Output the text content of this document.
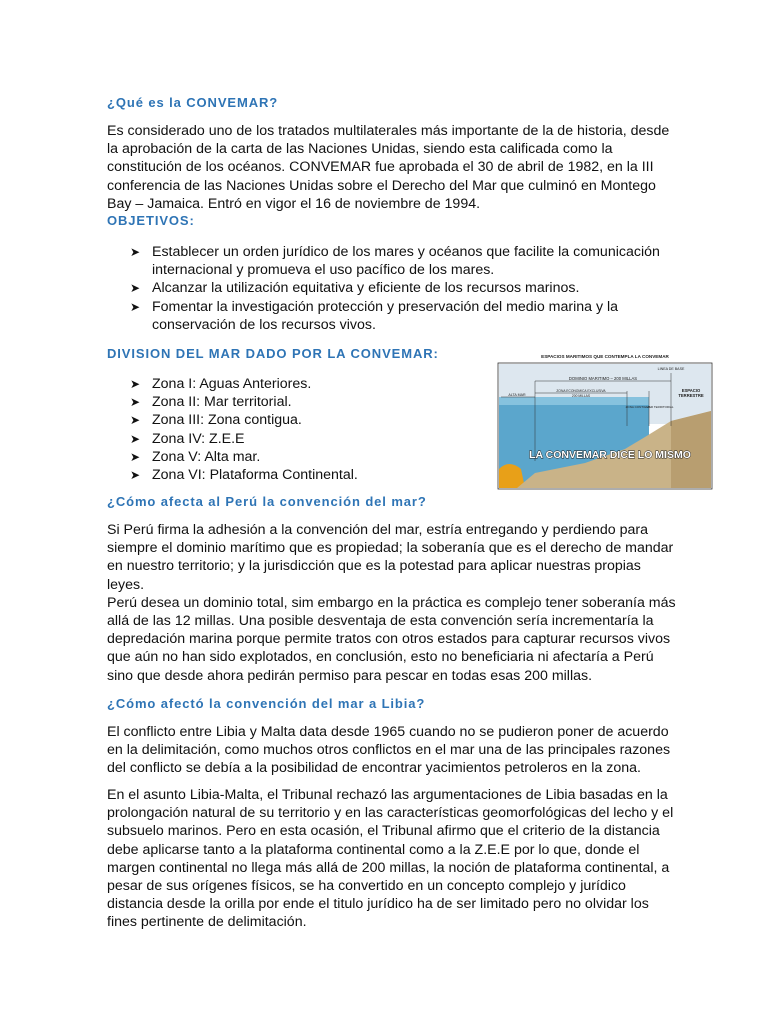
¿Qué es la CONVEMAR?
Es considerado uno de los tratados multilaterales más importante de la de historia, desde
la aprobación de la carta de las Naciones Unidas, siendo esta calificada como la
constitución de los océanos. CONVEMAR fue aprobada el 30 de abril de 1982, en la III
conferencia de las Naciones Unidas sobre el Derecho del Mar que culminó en Montego
Bay – Jamaica. Entró en vigor el 16 de noviembre de 1994.
OBJETIVOS:
➤ Establecer un orden jurídico de los mares y océanos que facilite la comunicación
internacional y promueva el uso pacífico de los mares.
➤ Alcanzar la utilización equitativa y eficiente de los recursos marinos.
➤ Fomentar la investigación protección y preservación del medio marina y la
conservación de los recursos vivos.
DIVISION DEL MAR DADO POR LA CONVEMAR:
➤ Zona I: Aguas Anteriores.
➤ Zona II: Mar territorial.
➤ Zona III: Zona contigua.
➤ Zona IV: Z.E.E
➤ Zona V: Alta mar.
➤ Zona VI: Plataforma Continental.
ESPACIOS MARITIMOS QUE CONTEMPLA LA CONVEMAR
LINEA DE BASE
DOMINIO MARITIMO – 200 MILLAS
ESPACIO
TERRESTRE
ALTA MAR
ZONA ECONOMICA EXCLUSIVA
200 MILLAS
ZONA CONTIGUA
MAR TERRITORIAL
LA CONVEMAR DICE LO MISMO
¿Cómo afecta al Perú la convención del mar?
Si Perú firma la adhesión a la convención del mar, estría entregando y perdiendo para
siempre el dominio marítimo que es propiedad; la soberanía que es el derecho de mandar
en nuestro territorio; y la jurisdicción que es la potestad para aplicar nuestras propias
leyes.
Perú desea un dominio total, sim embargo en la práctica es complejo tener soberanía más
allá de las 12 millas. Una posible desventaja de esta convención sería incrementaría la
depredación marina porque permite tratos con otros estados para capturar recursos vivos
que aún no han sido explotados, en conclusión, esto no beneficiaria ni afectaría a Perú
sino que desde ahora pedirán permiso para pescar en todas esas 200 millas.
¿Cómo afectó la convención del mar a Libia?
El conflicto entre Libia y Malta data desde 1965 cuando no se pudieron poner de acuerdo
en la delimitación, como muchos otros conflictos en el mar una de las principales razones
del conflicto se debía a la posibilidad de encontrar yacimientos petroleros en la zona.
En el asunto Libia-Malta, el Tribunal rechazó las argumentaciones de Libia basadas en la
prolongación natural de su territorio y en las características geomorfológicas del lecho y el
subsuelo marinos. Pero en esta ocasión, el Tribunal afirmo que el criterio de la distancia
debe aplicarse tanto a la plataforma continental como a la Z.E.E por lo que, donde el
margen continental no llega más allá de 200 millas, la noción de plataforma continental, a
pesar de sus orígenes físicos, se ha convertido en un concepto complejo y jurídico
distancia desde la orilla por ende el titulo jurídico ha de ser limitado pero no olvidar los
fines pertinente de delimitación.
